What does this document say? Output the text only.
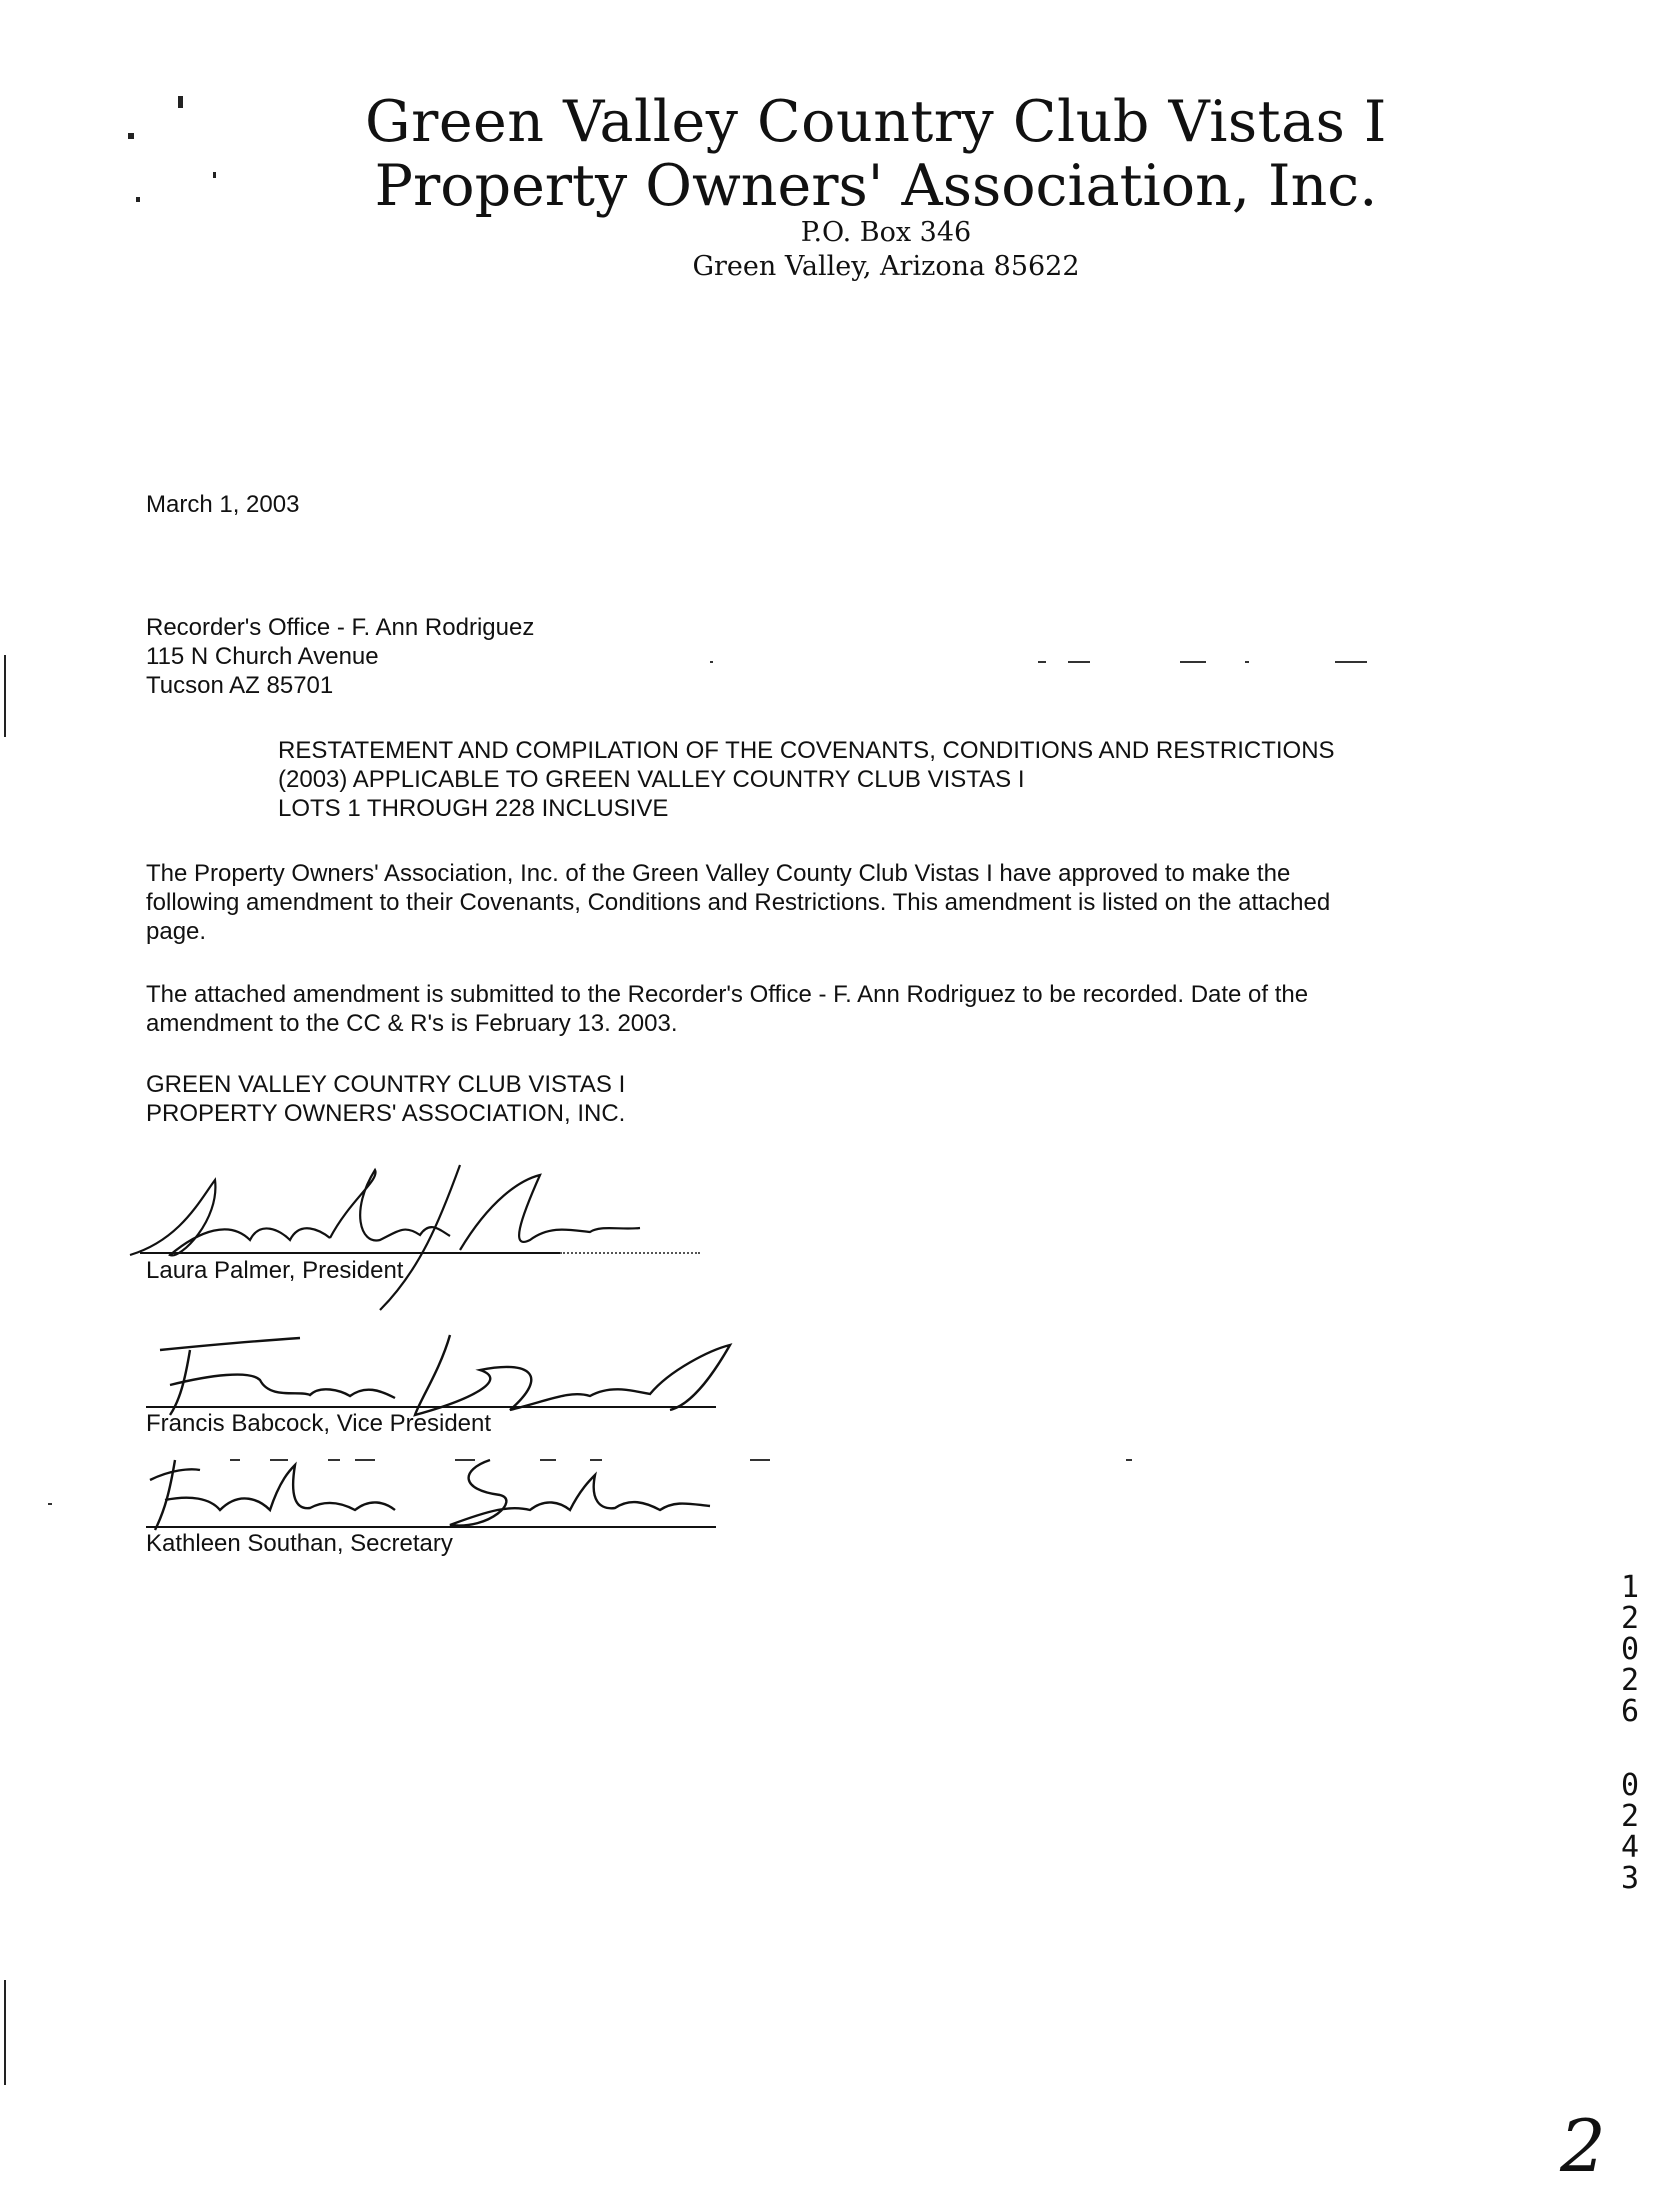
Green Valley Country Club Vistas I
Property Owners' Association, Inc.
P.O. Box 346
Green Valley, Arizona 85622
March 1, 2003
Recorder's Office - F. Ann Rodriguez
115 N Church Avenue
Tucson AZ 85701
RESTATEMENT AND COMPILATION OF THE COVENANTS, CONDITIONS AND RESTRICTIONS
(2003) APPLICABLE TO GREEN VALLEY COUNTRY CLUB VISTAS I
LOTS 1 THROUGH 228 INCLUSIVE
The Property Owners' Association, Inc. of the Green Valley County Club Vistas I have approved to make the
following amendment to their Covenants, Conditions and Restrictions. This amendment is listed on the attached
page.
The attached amendment is submitted to the Recorder's Office - F. Ann Rodriguez to be recorded. Date of the
amendment to the CC & R's is February 13. 2003.
GREEN VALLEY COUNTRY CLUB VISTAS I
PROPERTY OWNERS' ASSOCIATION, INC.
Laura Palmer, President
Francis Babcock, Vice President
Kathleen Southan, Secretary
1
2
0
2
6
0
2
4
3
2
